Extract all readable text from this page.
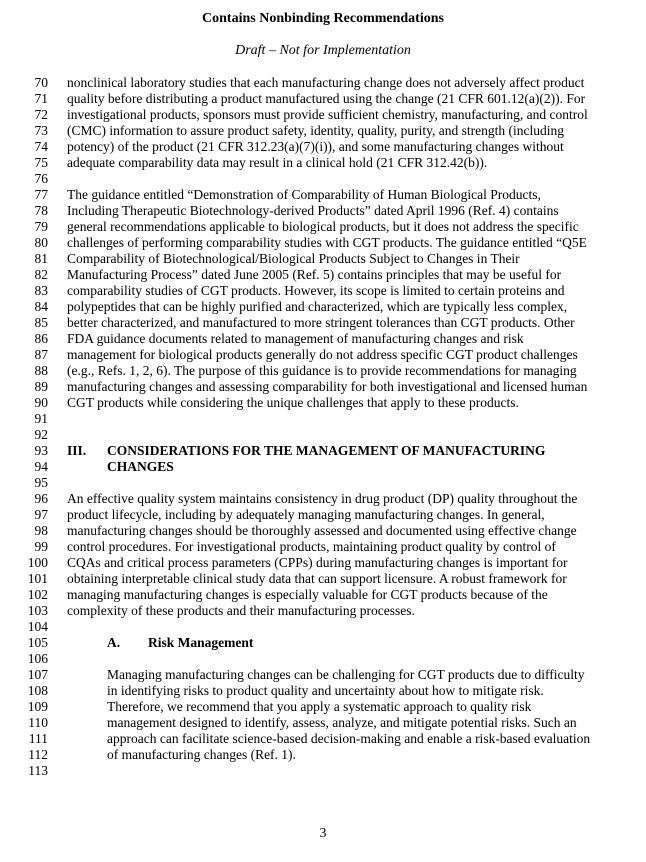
Contains Nonbinding Recommendations
Draft – Not for Implementation
70 nonclinical laboratory studies that each manufacturing change does not adversely affect product
71 quality before distributing a product manufactured using the change (21 CFR 601.12(a)(2)). For
72 investigational products, sponsors must provide sufficient chemistry, manufacturing, and control
73 (CMC) information to assure product safety, identity, quality, purity, and strength (including
74 potency) of the product (21 CFR 312.23(a)(7)(i)), and some manufacturing changes without
75 adequate comparability data may result in a clinical hold (21 CFR 312.42(b)).
76
77 The guidance entitled “Demonstration of Comparability of Human Biological Products,
78 Including Therapeutic Biotechnology-derived Products” dated April 1996 (Ref. 4) contains
79 general recommendations applicable to biological products, but it does not address the specific
80 challenges of performing comparability studies with CGT products. The guidance entitled “Q5E
81 Comparability of Biotechnological/Biological Products Subject to Changes in Their
82 Manufacturing Process” dated June 2005 (Ref. 5) contains principles that may be useful for
83 comparability studies of CGT products. However, its scope is limited to certain proteins and
84 polypeptides that can be highly purified and characterized, which are typically less complex,
85 better characterized, and manufactured to more stringent tolerances than CGT products. Other
86 FDA guidance documents related to management of manufacturing changes and risk
87 management for biological products generally do not address specific CGT product challenges
88 (e.g., Refs. 1, 2, 6). The purpose of this guidance is to provide recommendations for managing
89 manufacturing changes and assessing comparability for both investigational and licensed human
90 CGT products while considering the unique challenges that apply to these products.
91
92
93 III. CONSIDERATIONS FOR THE MANAGEMENT OF MANUFACTURING
94	CHANGES
95
96 An effective quality system maintains consistency in drug product (DP) quality throughout the
97 product lifecycle, including by adequately managing manufacturing changes. In general,
98 manufacturing changes should be thoroughly assessed and documented using effective change
99 control procedures. For investigational products, maintaining product quality by control of
100 CQAs and critical process parameters (CPPs) during manufacturing changes is important for
101 obtaining interpretable clinical study data that can support licensure. A robust framework for
102 managing manufacturing changes is especially valuable for CGT products because of the
103 complexity of these products and their manufacturing processes.
104
105	A. Risk Management
106
107	Managing manufacturing changes can be challenging for CGT products due to difficulty
108	in identifying risks to product quality and uncertainty about how to mitigate risk.
109	Therefore, we recommend that you apply a systematic approach to quality risk
110	management designed to identify, assess, analyze, and mitigate potential risks. Such an
111	approach can facilitate science-based decision-making and enable a risk-based evaluation
112	of manufacturing changes (Ref. 1).
113
3
